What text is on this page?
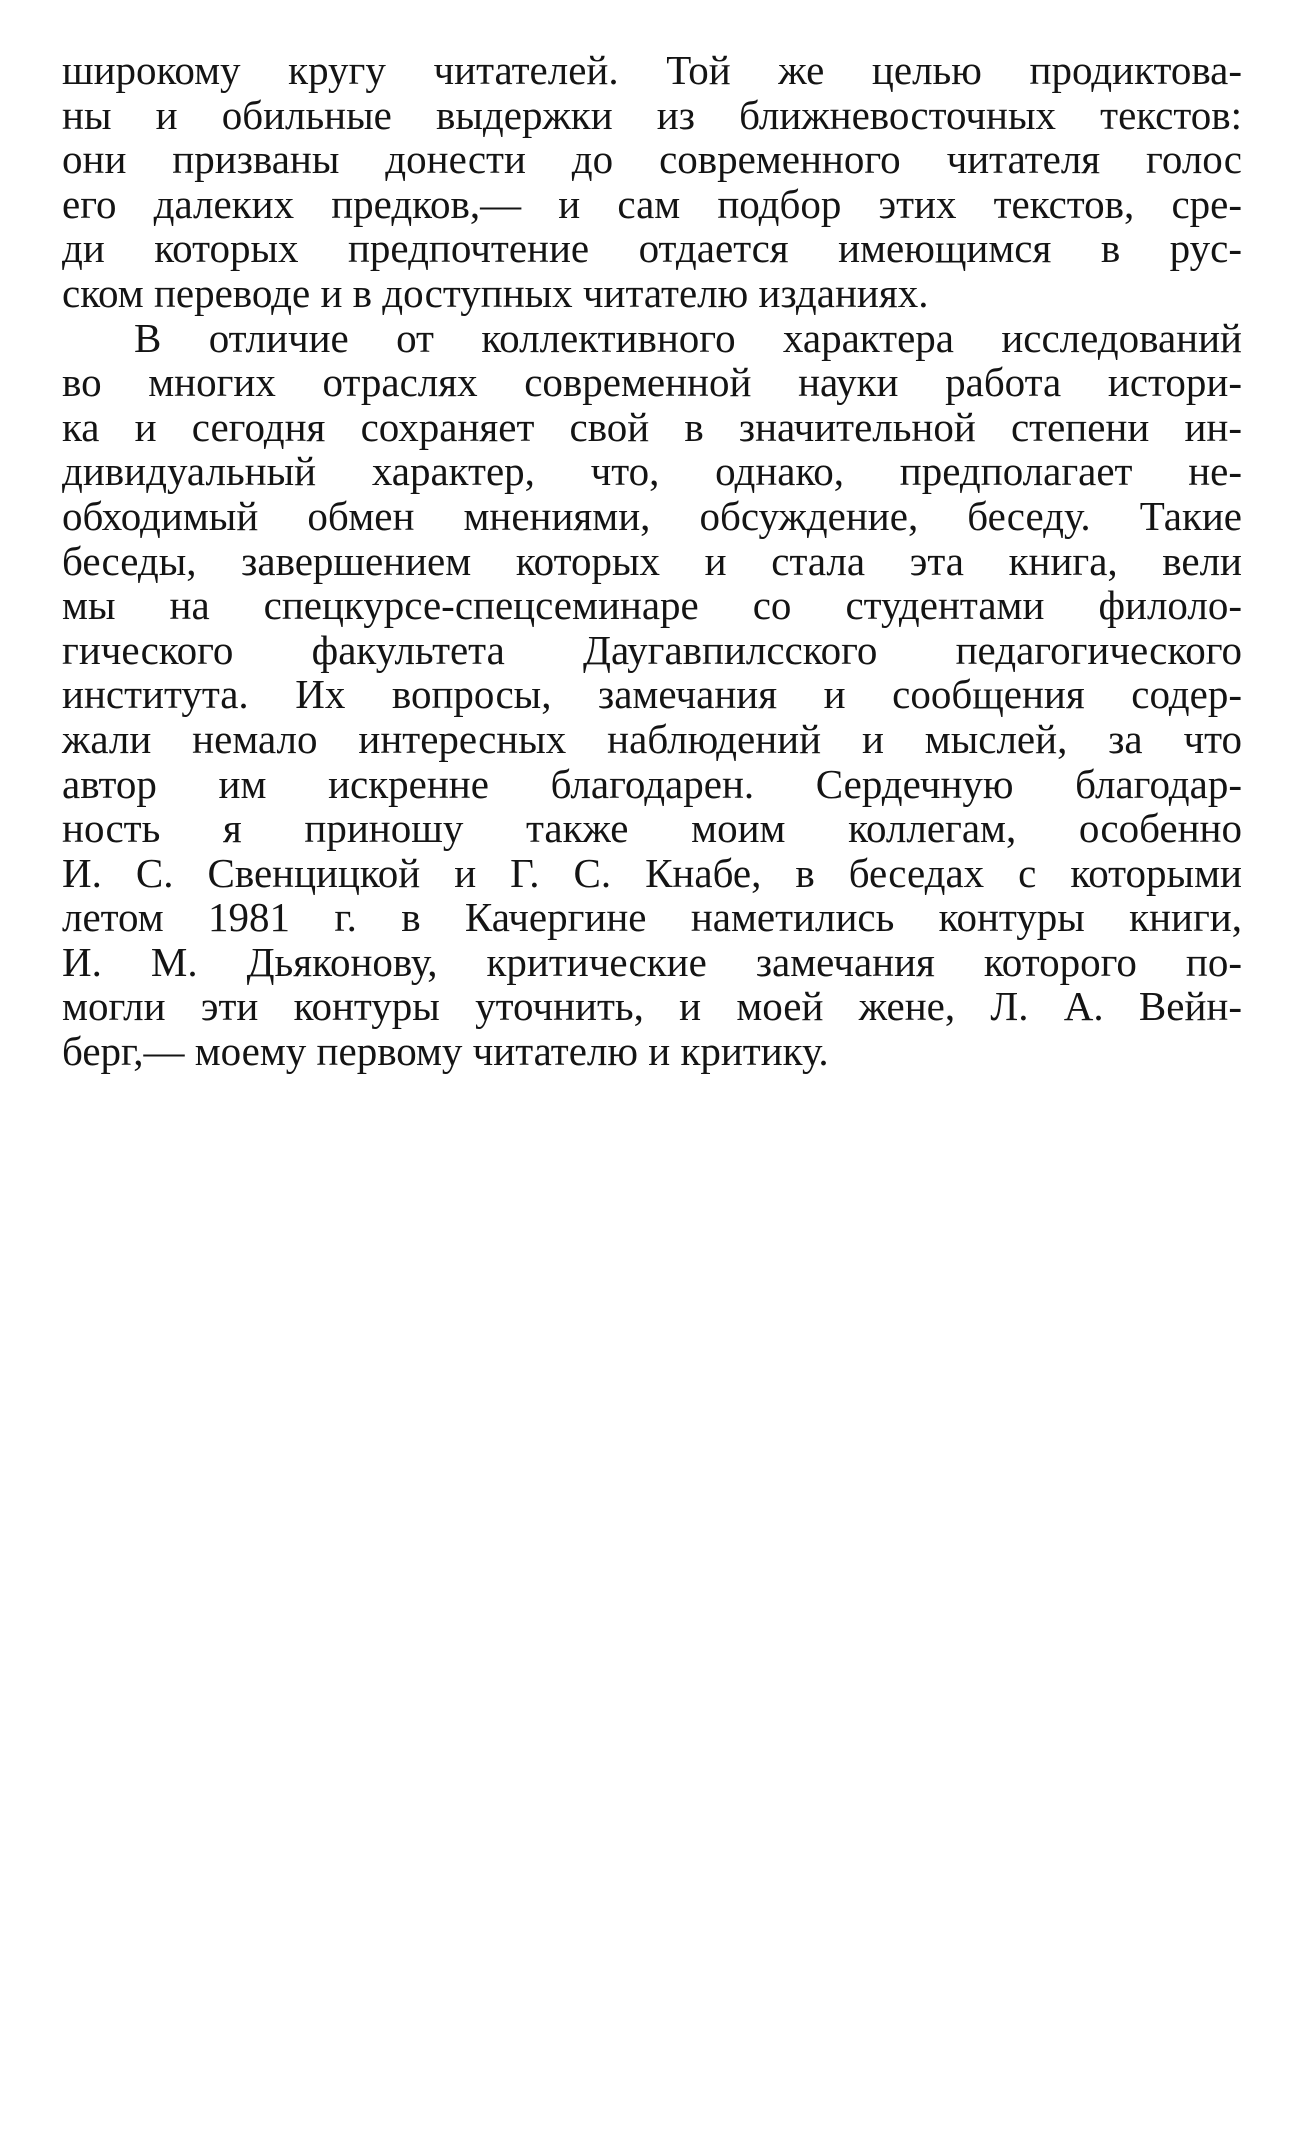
широкому кругу читателей. Той же целью продиктова-
ны и обильные выдержки из ближневосточных текстов:
они призваны донести до современного читателя голос
его далеких предков,— и сам подбор этих текстов, сре-
ди которых предпочтение отдается имеющимся в рус-
ском переводе и в доступных читателю изданиях.
В отличие от коллективного характера исследований
во многих отраслях современной науки работа истори-
ка и сегодня сохраняет свой в значительной степени ин-
дивидуальный характер, что, однако, предполагает не-
обходимый обмен мнениями, обсуждение, беседу. Такие
беседы, завершением которых и стала эта книга, вели
мы на спецкурсе-спецсеминаре со студентами филоло-
гического факультета Даугавпилсского педагогического
института. Их вопросы, замечания и сообщения содер-
жали немало интересных наблюдений и мыслей, за что
автор им искренне благодарен. Сердечную благодар-
ность я приношу также моим коллегам, особенно
И. С. Свенцицкой и Г. С. Кнабе, в беседах с которыми
летом 1981 г. в Качергине наметились контуры книги,
И. М. Дьяконову, критические замечания которого по-
могли эти контуры уточнить, и моей жене, Л. А. Вейн-
берг,— моему первому читателю и критику.
